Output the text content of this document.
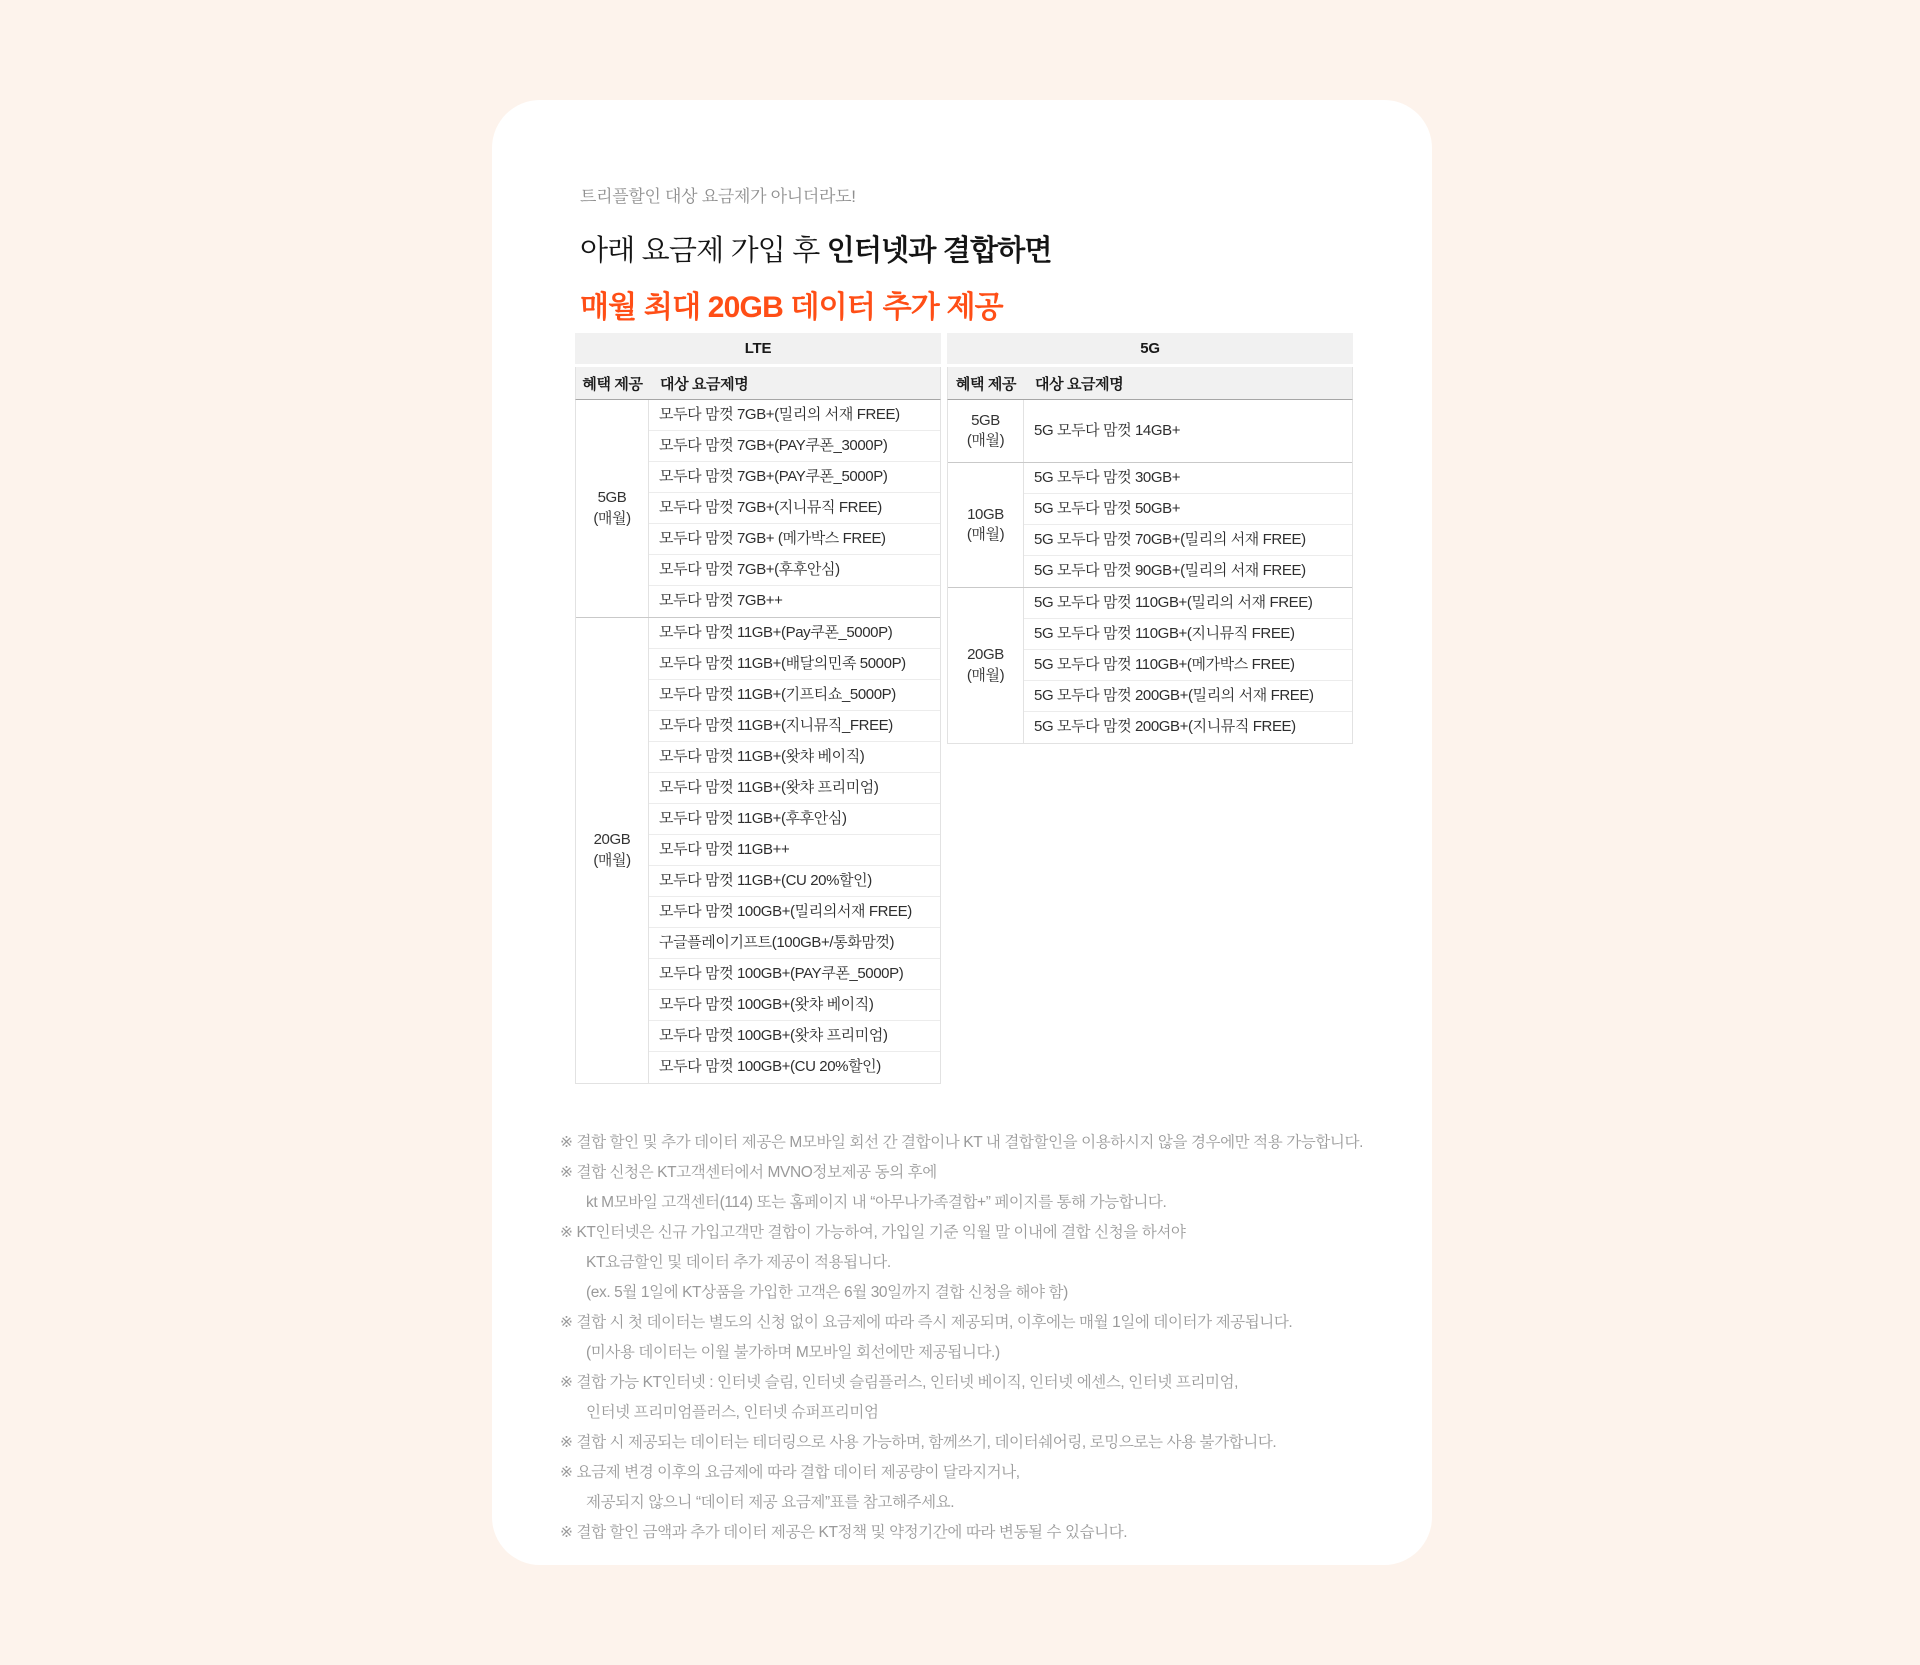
트리플할인 대상 요금제가 아니더라도!
아래 요금제 가입 후 인터넷과 결합하면
매월 최대 20GB 데이터 추가 제공
LTE
혜택 제공	대상 요금제명
5GB
(매월)
모두다 맘껏 7GB+(밀리의 서재 FREE)
모두다 맘껏 7GB+(PAY쿠폰_3000P)
모두다 맘껏 7GB+(PAY쿠폰_5000P)
모두다 맘껏 7GB+(지니뮤직 FREE)
모두다 맘껏 7GB+ (메가박스 FREE)
모두다 맘껏 7GB+(후후안심)
모두다 맘껏 7GB++
20GB
(매월)
모두다 맘껏 11GB+(Pay쿠폰_5000P)
모두다 맘껏 11GB+(배달의민족 5000P)
모두다 맘껏 11GB+(기프티쇼_5000P)
모두다 맘껏 11GB+(지니뮤직_FREE)
모두다 맘껏 11GB+(왓챠 베이직)
모두다 맘껏 11GB+(왓챠 프리미엄)
모두다 맘껏 11GB+(후후안심)
모두다 맘껏 11GB++
모두다 맘껏 11GB+(CU 20%할인)
모두다 맘껏 100GB+(밀리의서재 FREE)
구글플레이기프트(100GB+/통화맘껏)
모두다 맘껏 100GB+(PAY쿠폰_5000P)
모두다 맘껏 100GB+(왓챠 베이직)
모두다 맘껏 100GB+(왓챠 프리미엄)
모두다 맘껏 100GB+(CU 20%할인)
5G
혜택 제공	대상 요금제명
5GB
(매월)
5G 모두다 맘껏 14GB+
10GB
(매월)
5G 모두다 맘껏 30GB+
5G 모두다 맘껏 50GB+
5G 모두다 맘껏 70GB+(밀리의 서재 FREE)
5G 모두다 맘껏 90GB+(밀리의 서재 FREE)
20GB
(매월)
5G 모두다 맘껏 110GB+(밀리의 서재 FREE)
5G 모두다 맘껏 110GB+(지니뮤직 FREE)
5G 모두다 맘껏 110GB+(메가박스 FREE)
5G 모두다 맘껏 200GB+(밀리의 서재 FREE)
5G 모두다 맘껏 200GB+(지니뮤직 FREE)
※ 결합 할인 및 추가 데이터 제공은 M모바일 회선 간 결합이나 KT 내 결합할인을 이용하시지 않을 경우에만 적용 가능합니다.
※ 결합 신청은 KT고객센터에서 MVNO정보제공 동의 후에
kt M모바일 고객센터(114) 또는 홈페이지 내 “아무나가족결합+” 페이지를 통해 가능합니다.
※ KT인터넷은 신규 가입고객만 결합이 가능하여, 가입일 기준 익월 말 이내에 결합 신청을 하셔야
KT요금할인 및 데이터 추가 제공이 적용됩니다.
(ex. 5월 1일에 KT상품을 가입한 고객은 6월 30일까지 결합 신청을 해야 함)
※ 결합 시 첫 데이터는 별도의 신청 없이 요금제에 따라 즉시 제공되며, 이후에는 매월 1일에 데이터가 제공됩니다.
(미사용 데이터는 이월 불가하며 M모바일 회선에만 제공됩니다.)
※ 결합 가능 KT인터넷 : 인터넷 슬림, 인터넷 슬림플러스, 인터넷 베이직, 인터넷 에센스, 인터넷 프리미엄,
인터넷 프리미엄플러스, 인터넷 슈퍼프리미엄
※ 결합 시 제공되는 데이터는 테더링으로 사용 가능하며, 함께쓰기, 데이터쉐어링, 로밍으로는 사용 불가합니다.
※ 요금제 변경 이후의 요금제에 따라 결합 데이터 제공량이 달라지거나,
제공되지 않으니 “데이터 제공 요금제”표를 참고해주세요.
※ 결합 할인 금액과 추가 데이터 제공은 KT정책 및 약정기간에 따라 변동될 수 있습니다.
